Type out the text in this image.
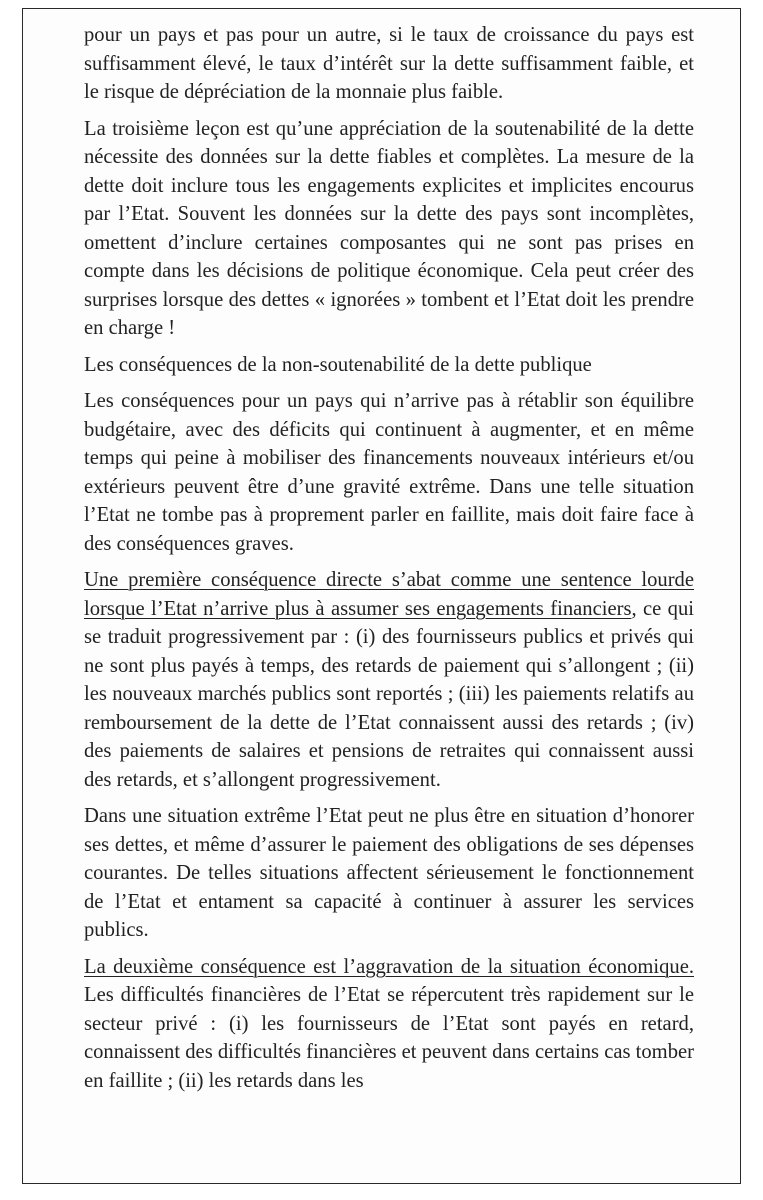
pour un pays et pas pour un autre, si le taux de croissance du pays est suffisamment élevé, le taux d’intérêt sur la dette suffisamment faible, et le risque de dépréciation de la monnaie plus faible.

La troisième leçon est qu’une appréciation de la soutenabilité de la dette nécessite des données sur la dette fiables et complètes. La mesure de la dette doit inclure tous les engagements explicites et implicites encourus par l’Etat. Souvent les données sur la dette des pays sont incomplètes, omettent d’inclure certaines composantes qui ne sont pas prises en compte dans les décisions de politique économique. Cela peut créer des surprises lorsque des dettes « ignorées » tombent et l’Etat doit les prendre en charge !

Les conséquences de la non-soutenabilité de la dette publique

Les conséquences pour un pays qui n’arrive pas à rétablir son équilibre budgétaire, avec des déficits qui continuent à augmenter, et en même temps qui peine à mobiliser des financements nouveaux intérieurs et/ou extérieurs peuvent être d’une gravité extrême. Dans une telle situation l’Etat ne tombe pas à proprement parler en faillite, mais doit faire face à des conséquences graves.

Une première conséquence directe s’abat comme une sentence lourde lorsque l’Etat n’arrive plus à assumer ses engagements financiers, ce qui se traduit progressivement par : (i) des fournisseurs publics et privés qui ne sont plus payés à temps, des retards de paiement qui s’allongent ; (ii) les nouveaux marchés publics sont reportés ; (iii) les paiements relatifs au remboursement de la dette de l’Etat connaissent aussi des retards ; (iv) des paiements de salaires et pensions de retraites qui connaissent aussi des retards, et s’allongent progressivement.

Dans une situation extrême l’Etat peut ne plus être en situation d’honorer ses dettes, et même d’assurer le paiement des obligations de ses dépenses courantes. De telles situations affectent sérieusement le fonctionnement de l’Etat et entament sa capacité à continuer à assurer les services publics.

La deuxième conséquence est l’aggravation de la situation économique. Les difficultés financières de l’Etat se répercutent très rapidement sur le secteur privé : (i) les fournisseurs de l’Etat sont payés en retard, connaissent des difficultés financières et peuvent dans certains cas tomber en faillite ; (ii) les retards dans les
